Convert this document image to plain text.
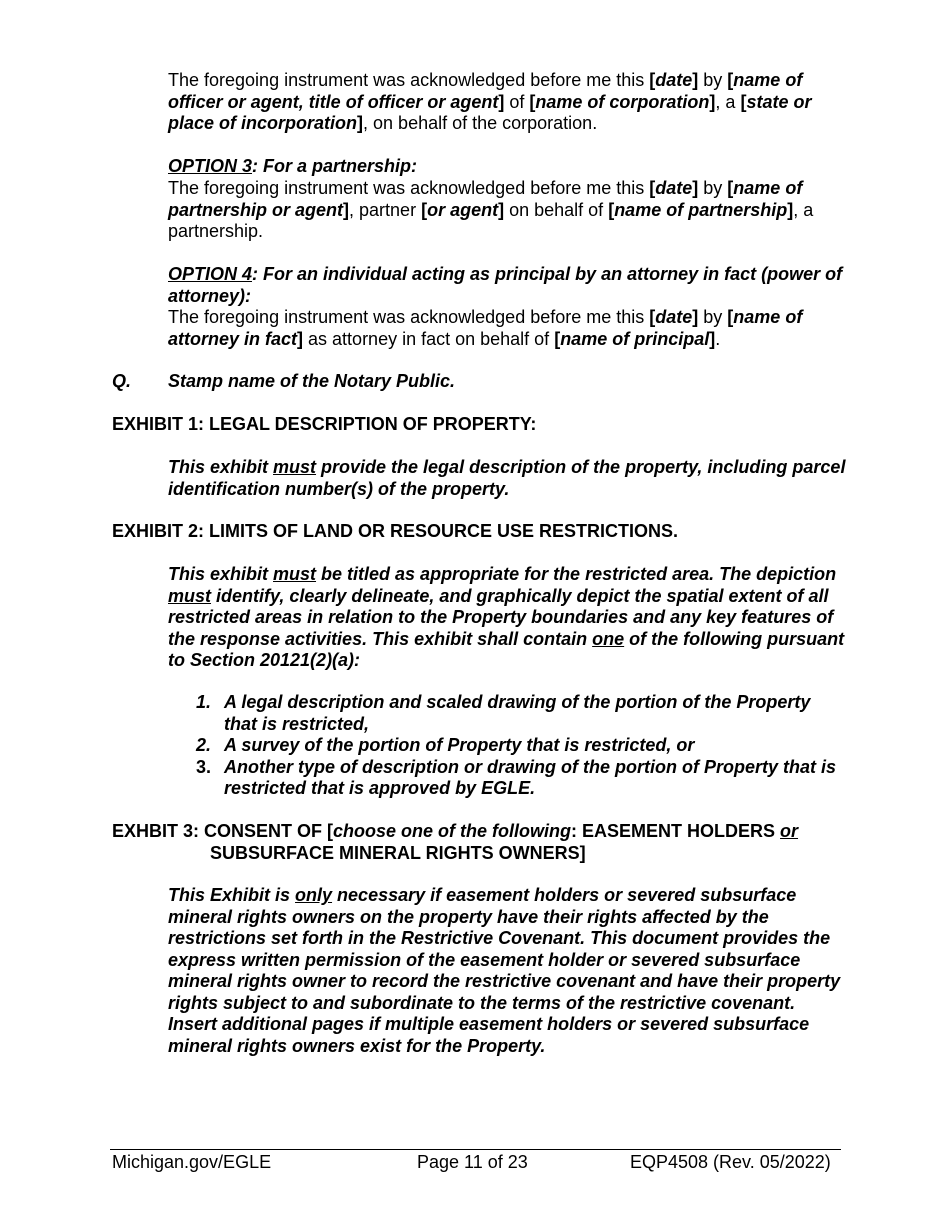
The foregoing instrument was acknowledged before me this [date] by [name of officer or agent, title of officer or agent] of [name of corporation], a [state or place of incorporation], on behalf of the corporation.

OPTION 3: For a partnership:

The foregoing instrument was acknowledged before me this [date] by [name of partnership or agent], partner [or agent] on behalf of [name of partnership], a partnership.

OPTION 4: For an individual acting as principal by an attorney in fact (power of attorney):

The foregoing instrument was acknowledged before me this [date] by [name of attorney in fact] as attorney in fact on behalf of [name of principal].

Q. Stamp name of the Notary Public.

EXHIBIT 1: LEGAL DESCRIPTION OF PROPERTY:

This exhibit must provide the legal description of the property, including parcel identification number(s) of the property.

EXHIBIT 2: LIMITS OF LAND OR RESOURCE USE RESTRICTIONS.

This exhibit must be titled as appropriate for the restricted area. The depiction must identify, clearly delineate, and graphically depict the spatial extent of all restricted areas in relation to the Property boundaries and any key features of the response activities. This exhibit shall contain one of the following pursuant to Section 20121(2)(a):

1. A legal description and scaled drawing of the portion of the Property that is restricted,
2. A survey of the portion of Property that is restricted, or
3. Another type of description or drawing of the portion of Property that is restricted that is approved by EGLE.

EXHBIT 3: CONSENT OF [choose one of the following: EASEMENT HOLDERS or

SUBSURFACE MINERAL RIGHTS OWNERS]

This Exhibit is only necessary if easement holders or severed subsurface mineral rights owners on the property have their rights affected by the restrictions set forth in the Restrictive Covenant. This document provides the express written permission of the easement holder or severed subsurface mineral rights owner to record the restrictive covenant and have their property rights subject to and subordinate to the terms of the restrictive covenant. Insert additional pages if multiple easement holders or severed subsurface mineral rights owners exist for the Property.

Michigan.gov/EGLE	Page 11 of 23	EQP4508 (Rev. 05/2022)
